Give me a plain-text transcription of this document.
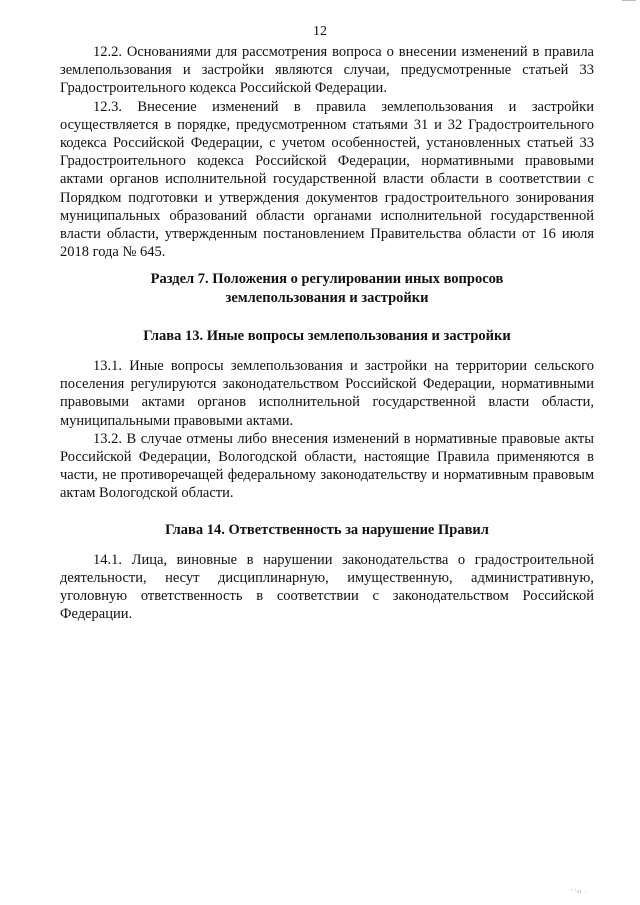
12

12.2. Основаниями для рассмотрения вопроса о внесении изменений в правила землепользования и застройки являются случаи, предусмотренные статьей 33 Градостроительного кодекса Российской Федерации.

12.3. Внесение изменений в правила землепользования и застройки осуществляется в порядке, предусмотренном статьями 31 и 32 Градостроительного кодекса Российской Федерации, с учетом особенностей, установленных статьей 33 Градостроительного кодекса Российской Федерации, нормативными правовыми актами органов исполнительной государственной власти области в соответствии с Порядком подготовки и утверждения документов градостроительного зонирования муниципальных образований области органами исполнительной государственной власти области, утвержденным постановлением Правительства области от 16 июля 2018 года № 645.

Раздел 7. Положения о регулировании иных вопросов землепользования и застройки
Глава 13. Иные вопросы землепользования и застройки

13.1. Иные вопросы землепользования и застройки на территории сельского поселения регулируются законодательством Российской Федерации, нормативными правовыми актами органов исполнительной государственной власти области, муниципальными правовыми актами.

13.2. В случае отмены либо внесения изменений в нормативные правовые акты Российской Федерации, Вологодской области, настоящие Правила применяются в части, не противоречащей федеральному законодательству и нормативным правовым актам Вологодской области.

Глава 14. Ответственность за нарушение Правил

14.1. Лица, виновные в нарушении законодательства о градостроительной деятельности, несут дисциплинарную, имущественную, административную, уголовную ответственность в соответствии с законодательством Российской Федерации.

' 'ıı ·
